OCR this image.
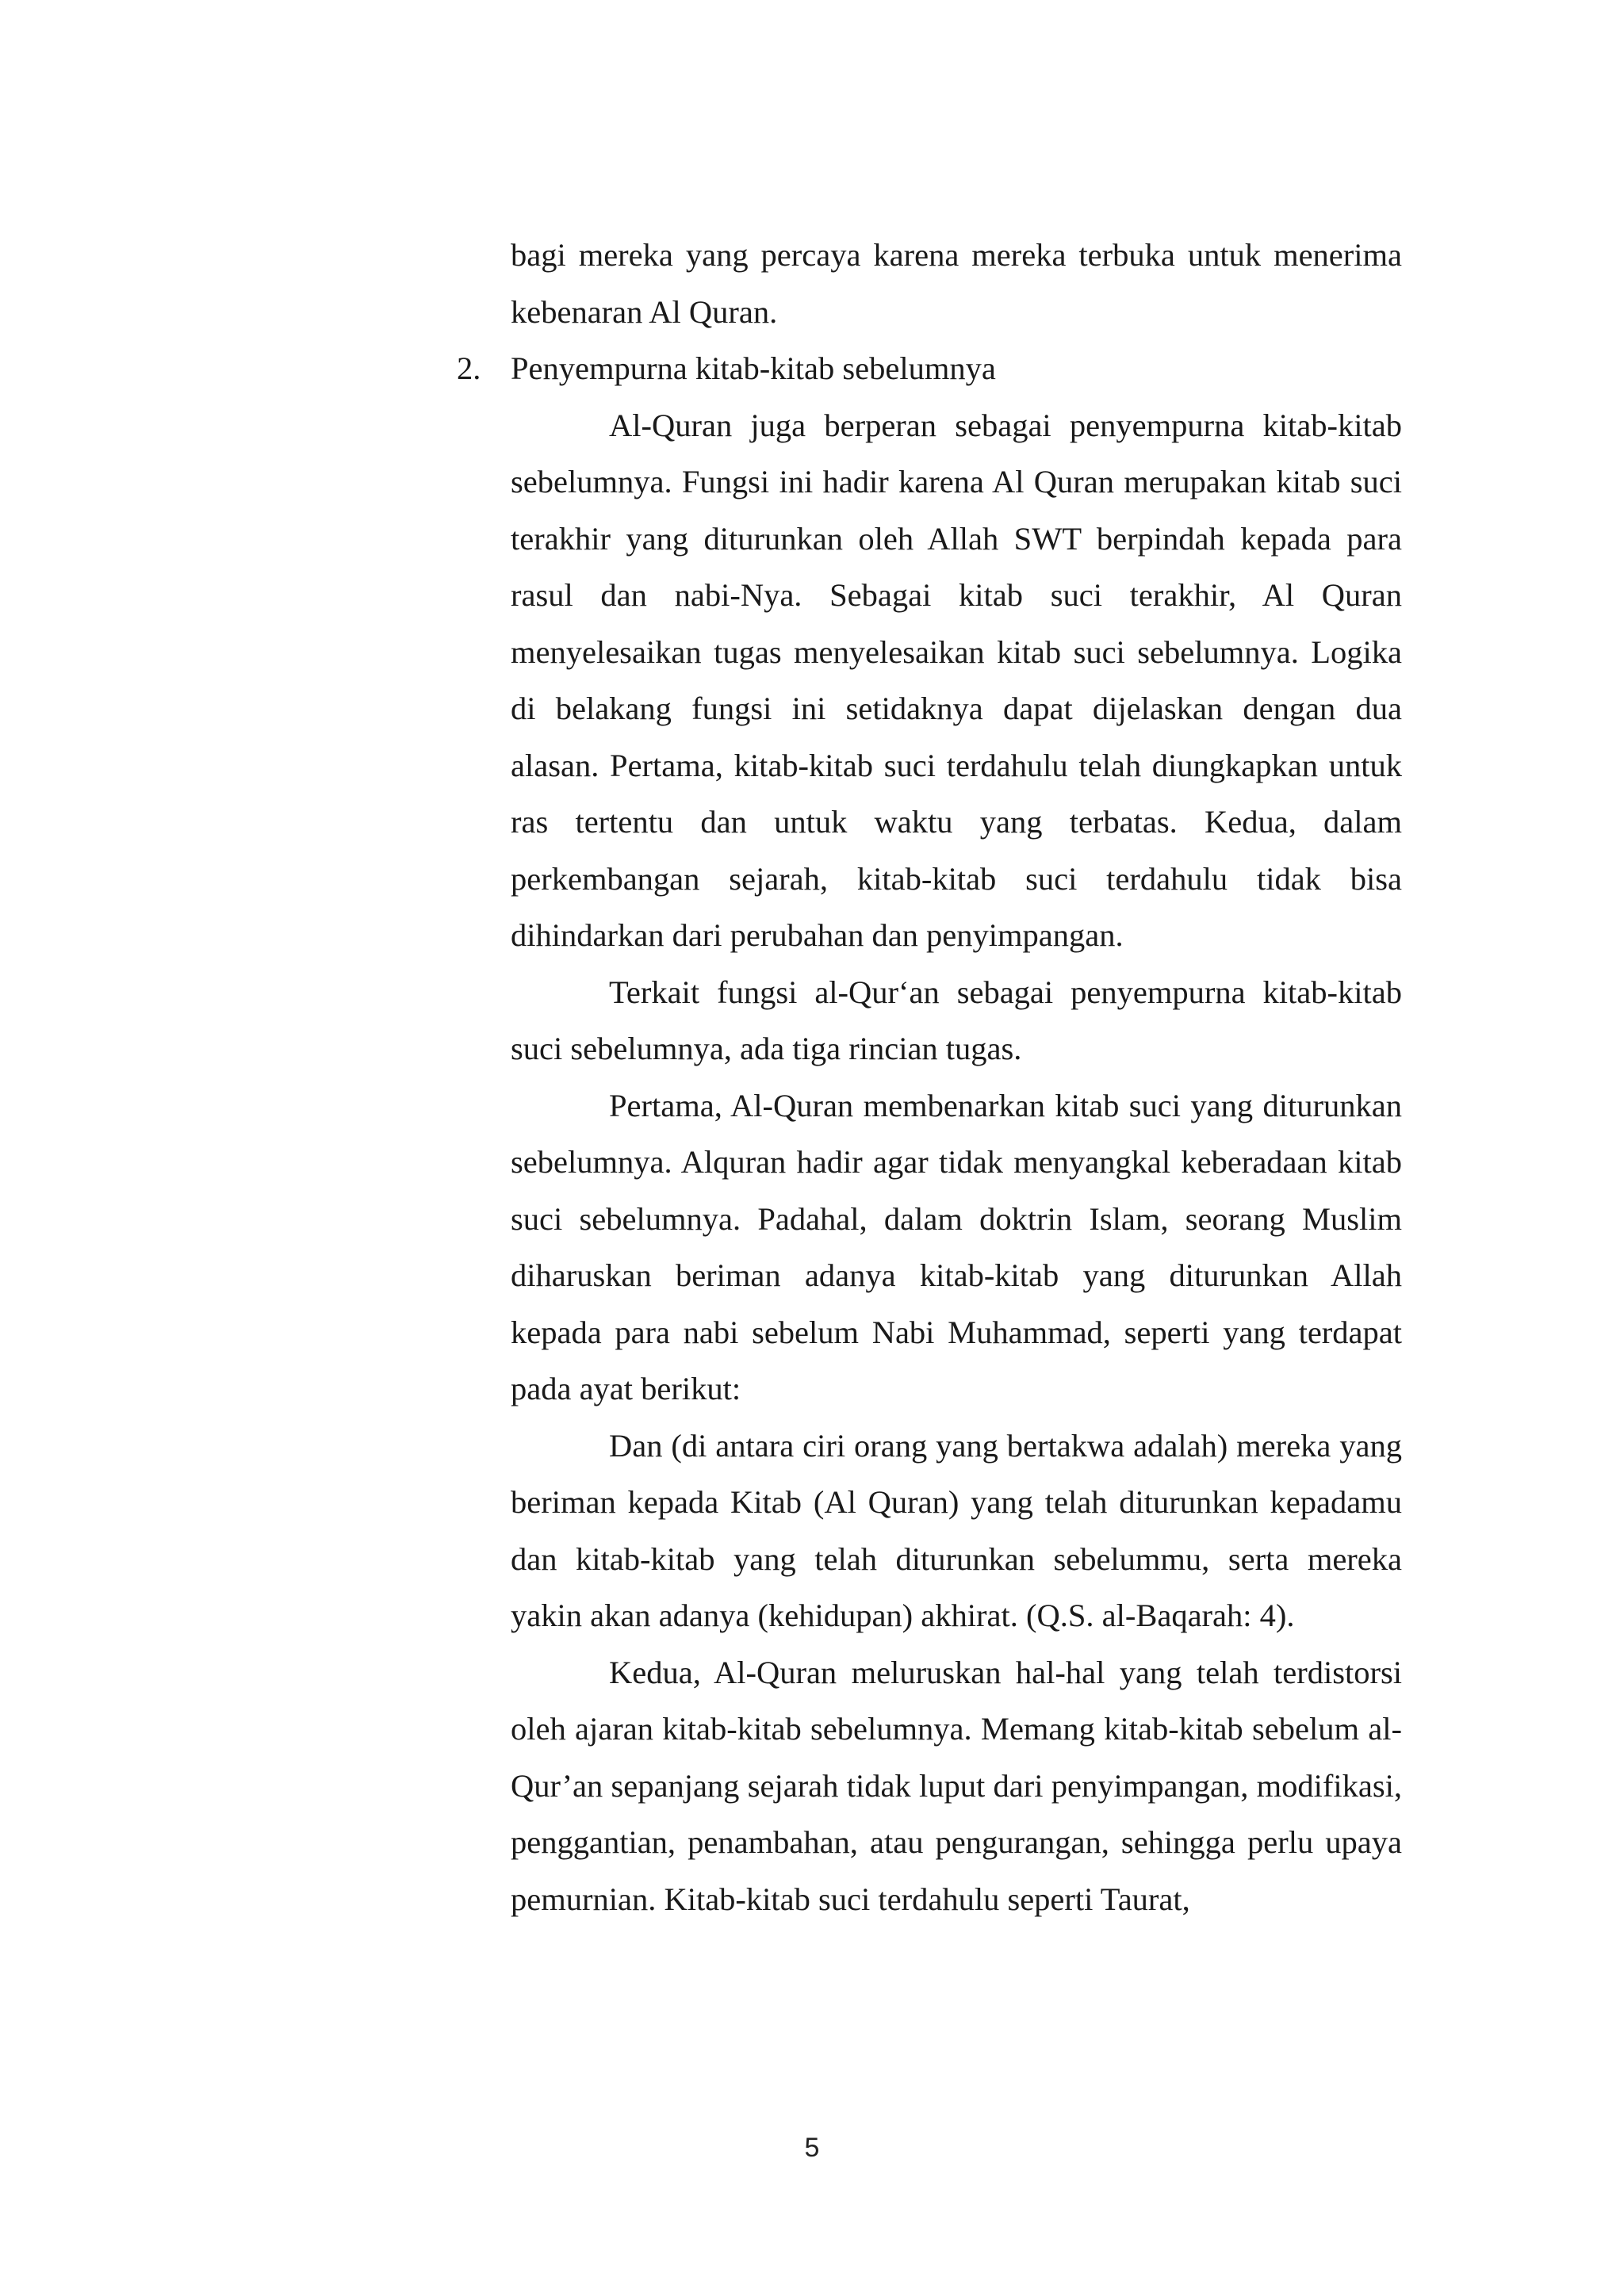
bagi mereka yang percaya karena mereka terbuka untuk menerima kebenaran Al Quran.

2. Penyempurna kitab-kitab sebelumnya

Al-Quran juga berperan sebagai penyempurna kitab-kitab sebelumnya. Fungsi ini hadir karena Al Quran merupakan kitab suci terakhir yang diturunkan oleh Allah SWT berpindah kepada para rasul dan nabi-Nya. Sebagai kitab suci terakhir, Al Quran menyelesaikan tugas menyelesaikan kitab suci sebelumnya. Logika di belakang fungsi ini setidaknya dapat dijelaskan dengan dua alasan. Pertama, kitab-kitab suci terdahulu telah diungkapkan untuk ras tertentu dan untuk waktu yang terbatas. Kedua, dalam perkembangan sejarah, kitab-kitab suci terdahulu tidak bisa dihindarkan dari perubahan dan penyimpangan.

Terkait fungsi al-Qur‘an sebagai penyempurna kitab-kitab suci sebelumnya, ada tiga rincian tugas.

Pertama, Al-Quran membenarkan kitab suci yang diturunkan sebelumnya. Alquran hadir agar tidak menyangkal keberadaan kitab suci sebelumnya. Padahal, dalam doktrin Islam, seorang Muslim diharuskan beriman adanya kitab-kitab yang diturunkan Allah kepada para nabi sebelum Nabi Muhammad, seperti yang terdapat pada ayat berikut:

Dan (di antara ciri orang yang bertakwa adalah) mereka yang beriman kepada Kitab (Al Quran) yang telah diturunkan kepadamu dan kitab-kitab yang telah diturunkan sebelummu, serta mereka yakin akan adanya (kehidupan) akhirat. (Q.S. al-Baqarah: 4).

Kedua, Al-Quran meluruskan hal-hal yang telah terdistorsi oleh ajaran kitab-kitab sebelumnya. Memang kitab-kitab sebelum al-Qur’an sepanjang sejarah tidak luput dari penyimpangan, modifikasi, penggantian, penambahan, atau pengurangan, sehingga perlu upaya pemurnian. Kitab-kitab suci terdahulu seperti Taurat,

5
